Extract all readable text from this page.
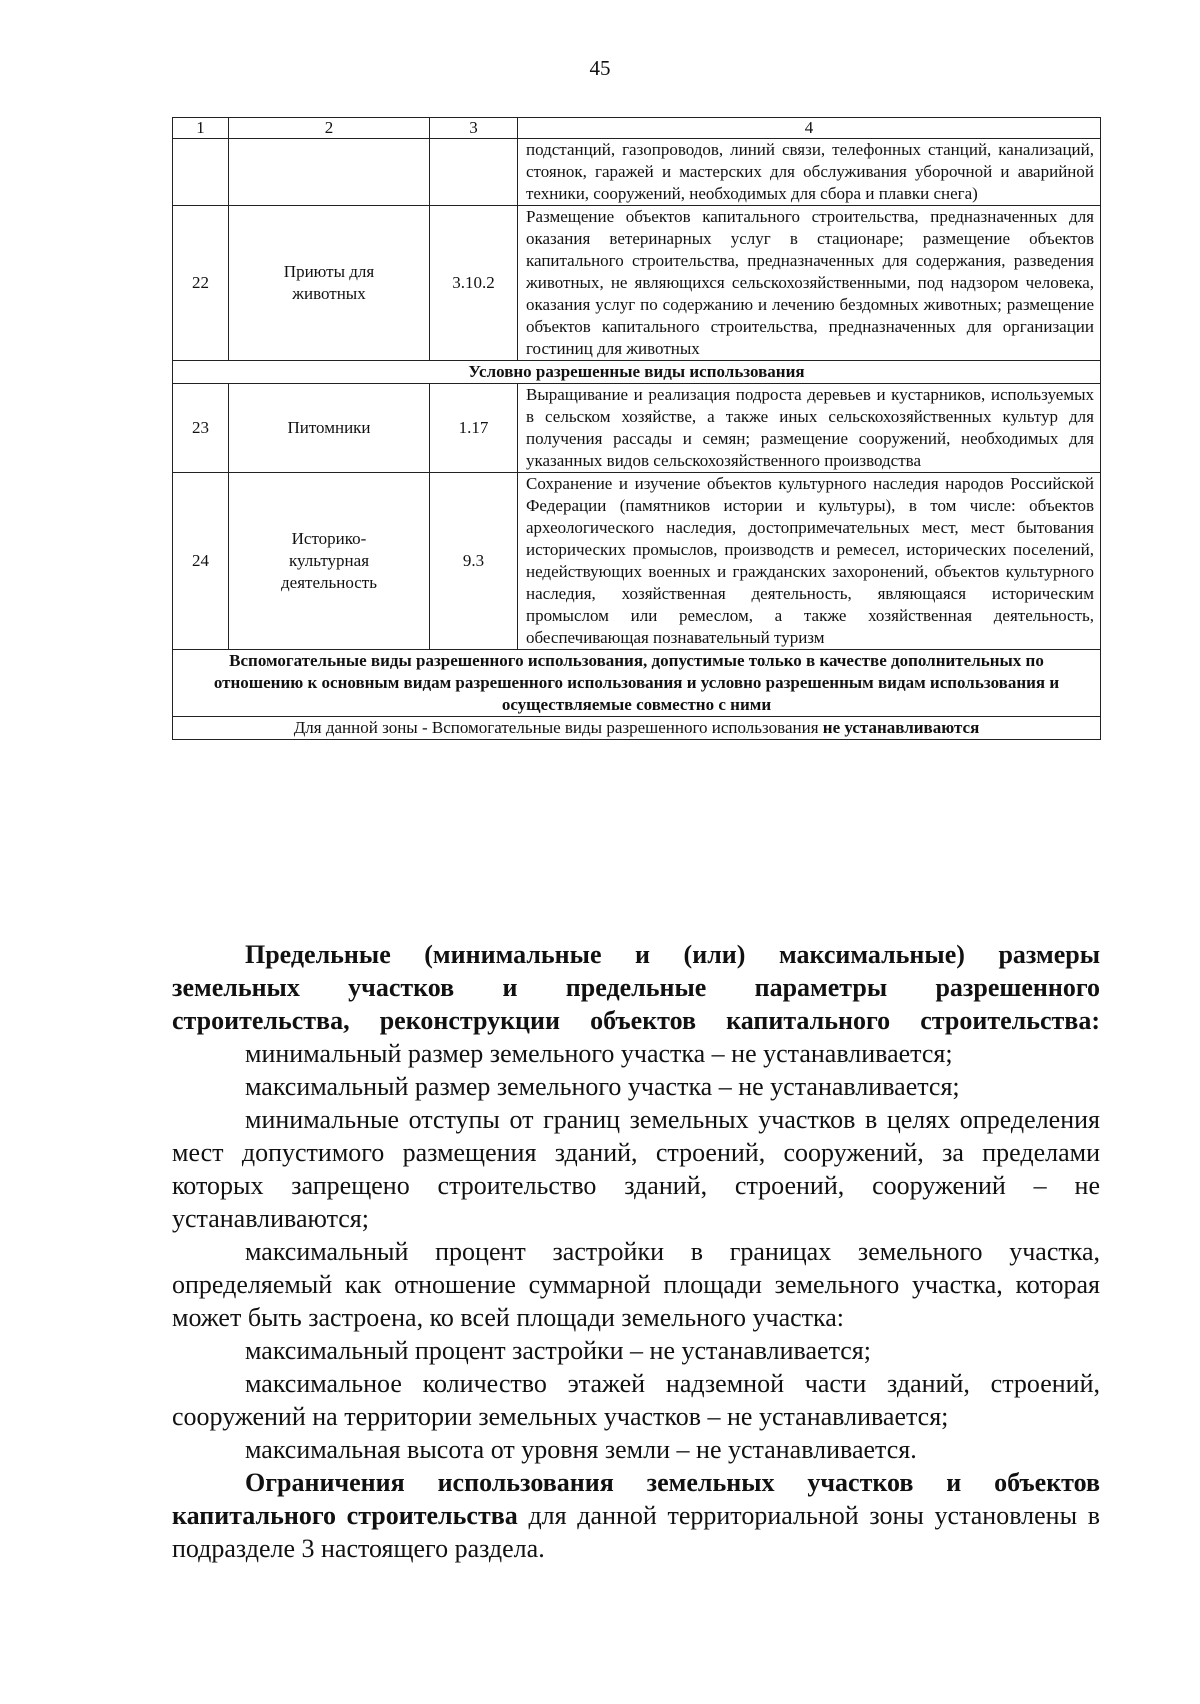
45
1	2	3	4
			подстанций, газопроводов, линий связи, телефонных станций, канализаций, стоянок, гаражей и мастерских для обслуживания уборочной и аварийной техники, сооружений, необходимых для сбора и плавки снега)
22	Приюты для животных	3.10.2	Размещение объектов капитального строительства, предназначенных для оказания ветеринарных услуг в стационаре; размещение объектов капитального строительства, предназначенных для содержания, разведения животных, не являющихся сельскохозяйственными, под надзором человека, оказания услуг по содержанию и лечению бездомных животных; размещение объектов капитального строительства, предназначенных для организации гостиниц для животных
Условно разрешенные виды использования			
23	Питомники	1.17	Выращивание и реализация подроста деревьев и кустарников, используемых в сельском хозяйстве, а также иных сельскохозяйственных культур для получения рассады и семян; размещение сооружений, необходимых для указанных видов сельскохозяйственного производства
24	Историко-культурная деятельность	9.3	Сохранение и изучение объектов культурного наследия народов Российской Федерации (памятников истории и культуры), в том числе: объектов археологического наследия, достопримечательных мест, мест бытования исторических промыслов, производств и ремесел, исторических поселений, недействующих военных и гражданских захоронений, объектов культурного наследия, хозяйственная деятельность, являющаяся историческим промыслом или ремеслом, а также хозяйственная деятельность, обеспечивающая познавательный туризм
Вспомогательные виды разрешенного использования, допустимые только в качестве дополнительных по отношению к основным видам разрешенного использования и условно разрешенным видам использования и осуществляемые совместно с ними			
Для данной зоны - Вспомогательные виды разрешенного использования не устанавливаются			
Предельные (минимальные и (или) максимальные) размеры
земельных участков и предельные параметры разрешенного
строительства, реконструкции объектов капитального строительства:

минимальный размер земельного участка – не устанавливается;

максимальный размер земельного участка – не устанавливается;

минимальные отступы от границ земельных участков в целях определения мест допустимого размещения зданий, строений, сооружений, за пределами которых запрещено строительство зданий, строений, сооружений – не устанавливаются;

максимальный процент застройки в границах земельного участка, определяемый как отношение суммарной площади земельного участка, которая может быть застроена, ко всей площади земельного участка:

максимальный процент застройки – не устанавливается;

максимальное количество этажей надземной части зданий, строений, сооружений на территории земельных участков – не устанавливается;

максимальная высота от уровня земли – не устанавливается.

Ограничения использования земельных участков и объектов капитального строительства для данной территориальной зоны установлены в подразделе 3 настоящего раздела.
